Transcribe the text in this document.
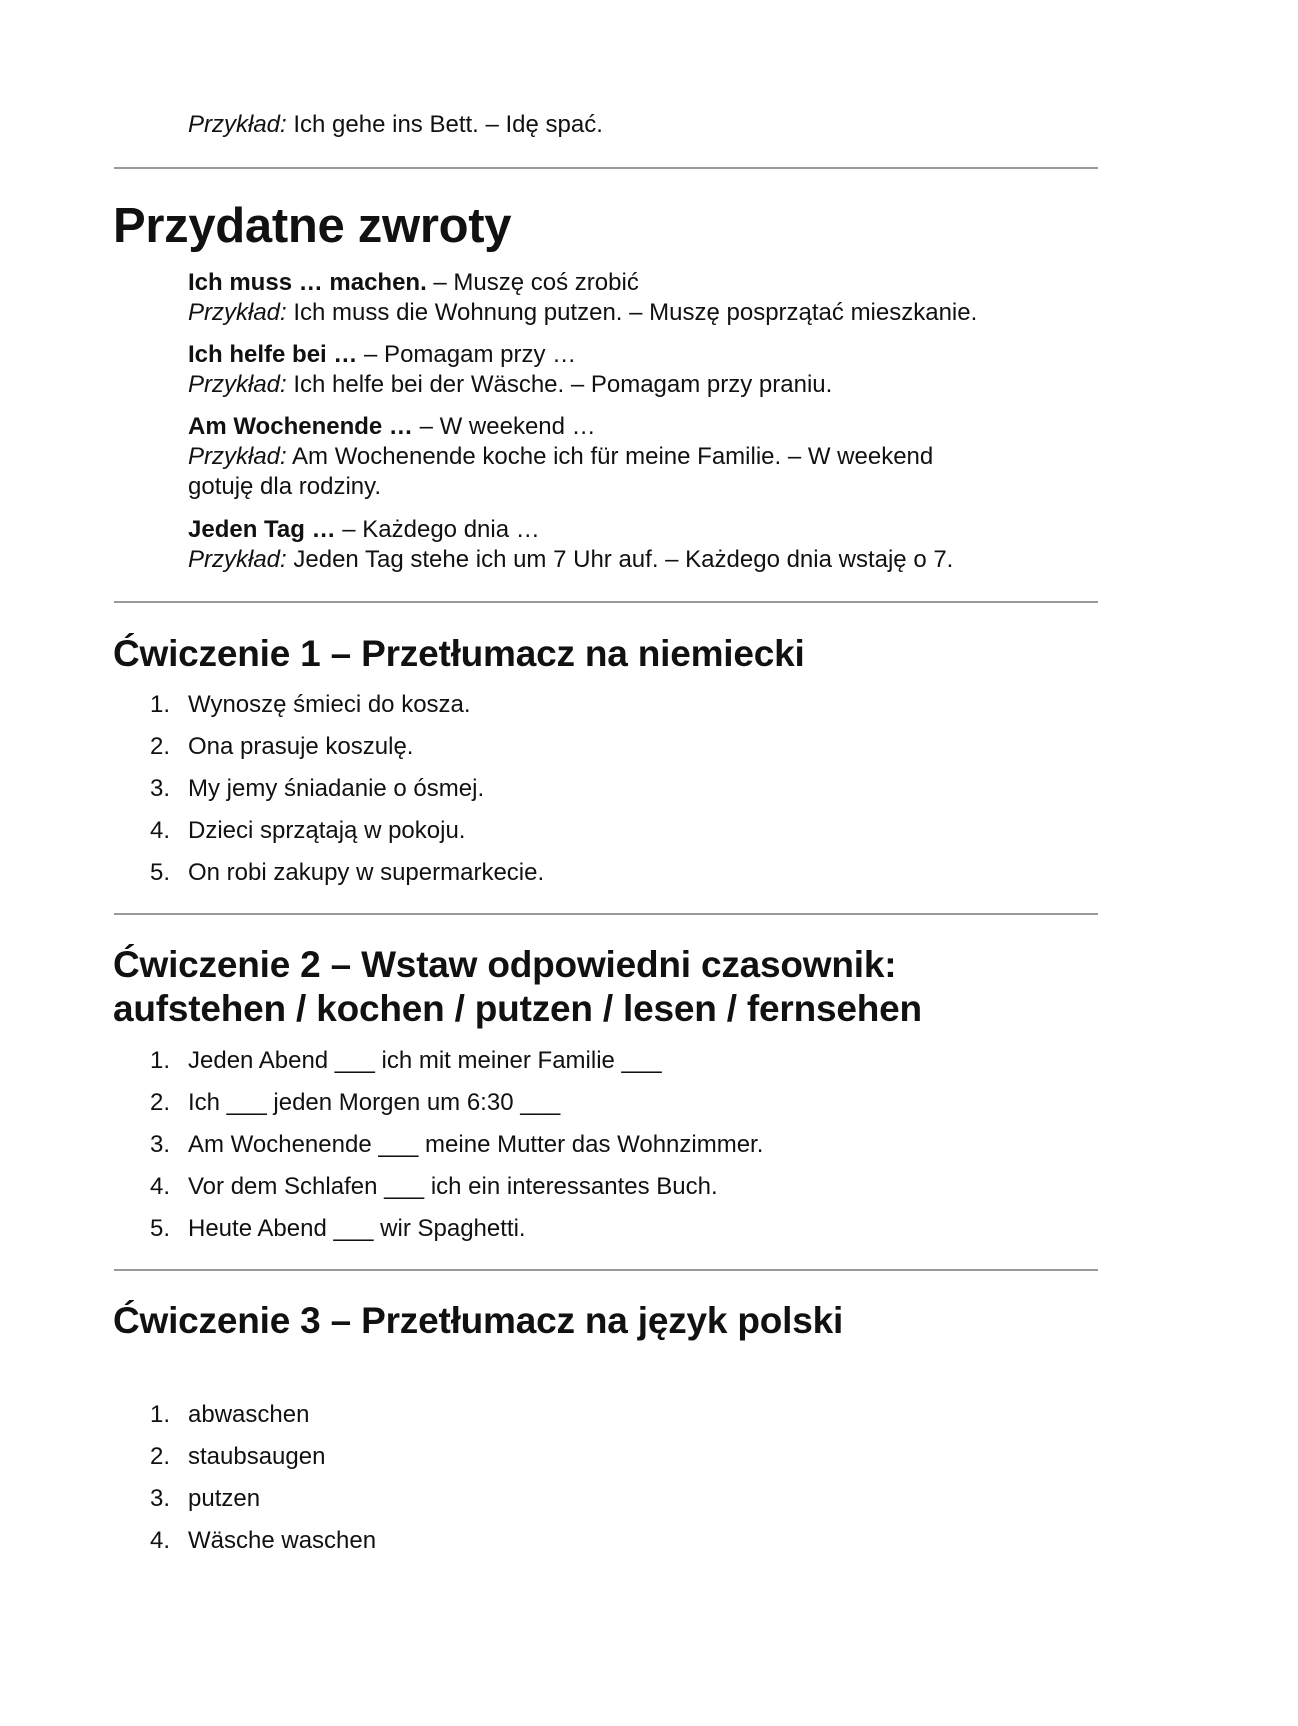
Przykład: Ich gehe ins Bett. – Idę spać.
Przydatne zwroty
Ich muss … machen. – Muszę coś zrobić
Przykład: Ich muss die Wohnung putzen. – Muszę posprzątać mieszkanie.
Ich helfe bei … – Pomagam przy …
Przykład: Ich helfe bei der Wäsche. – Pomagam przy praniu.
Am Wochenende … – W weekend …
Przykład: Am Wochenende koche ich für meine Familie. – W weekend
gotuję dla rodziny.
Jeden Tag … – Każdego dnia …
Przykład: Jeden Tag stehe ich um 7 Uhr auf. – Każdego dnia wstaję o 7.
Ćwiczenie 1 – Przetłumacz na niemiecki
1. Wynoszę śmieci do kosza.
2. Ona prasuje koszulę.
3. My jemy śniadanie o ósmej.
4. Dzieci sprzątają w pokoju.
5. On robi zakupy w supermarkecie.
Ćwiczenie 2 – Wstaw odpowiedni czasownik:
aufstehen / kochen / putzen / lesen / fernsehen
1. Jeden Abend ___ ich mit meiner Familie ___
2. Ich ___ jeden Morgen um 6:30 ___
3. Am Wochenende ___ meine Mutter das Wohnzimmer.
4. Vor dem Schlafen ___ ich ein interessantes Buch.
5. Heute Abend ___ wir Spaghetti.
Ćwiczenie 3 – Przetłumacz na język polski
1. abwaschen
2. staubsaugen
3. putzen
4. Wäsche waschen
